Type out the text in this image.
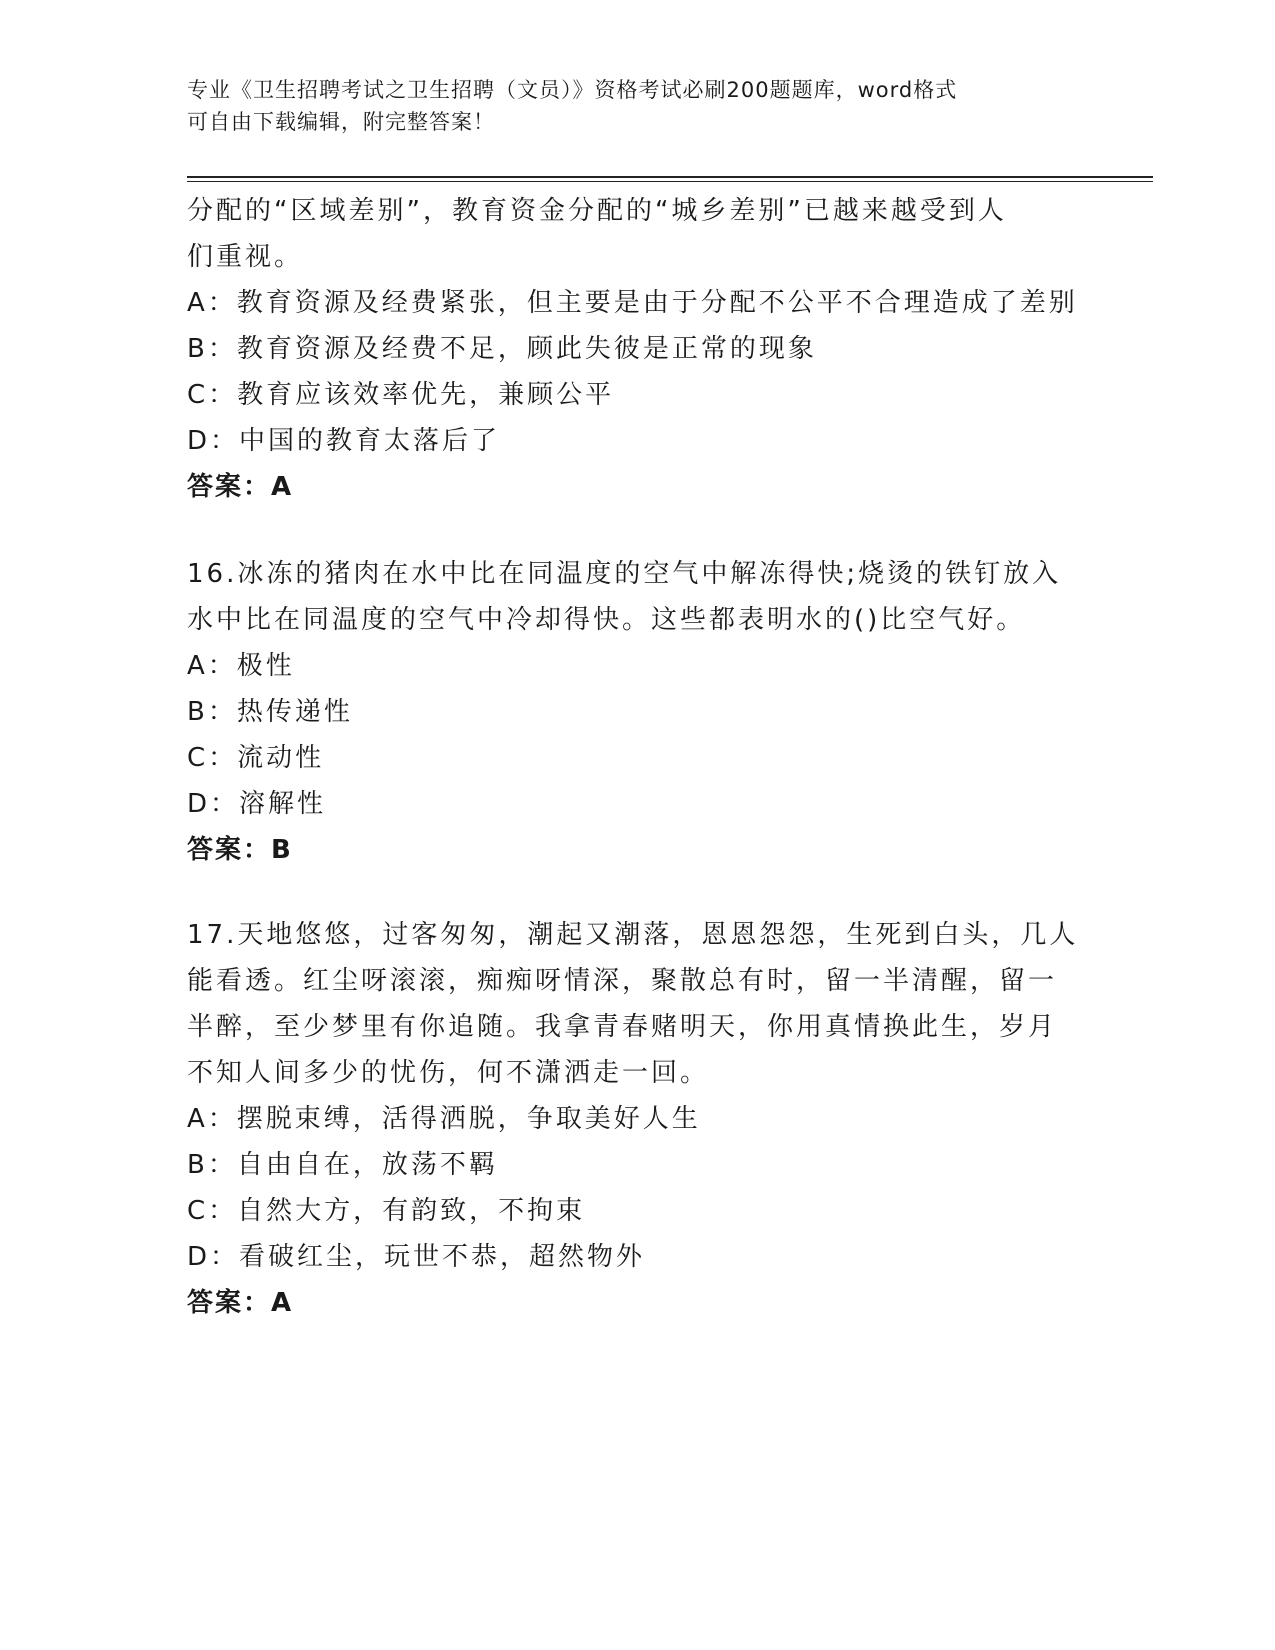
专业《卫生招聘考试之卫生招聘（文员）》资格考试必刷200题题库，word格式
可自由下载编辑，附完整答案！
分配的“区域差别”，教育资金分配的“城乡差别”已越来越受到人
们重视。
A：教育资源及经费紧张，但主要是由于分配不公平不合理造成了差别
B：教育资源及经费不足，顾此失彼是正常的现象
C：教育应该效率优先，兼顾公平
D：中国的教育太落后了
答案：A
16.冰冻的猪肉在水中比在同温度的空气中解冻得快;烧烫的铁钉放入
水中比在同温度的空气中冷却得快。这些都表明水的()比空气好。
A：极性
B：热传递性
C：流动性
D：溶解性
答案：B
17.天地悠悠，过客匆匆，潮起又潮落，恩恩怨怨，生死到白头，几人
能看透。红尘呀滚滚，痴痴呀情深，聚散总有时，留一半清醒，留一
半醉，至少梦里有你追随。我拿青春赌明天，你用真情换此生，岁月
不知人间多少的忧伤，何不潇洒走一回。
A：摆脱束缚，活得洒脱，争取美好人生
B：自由自在，放荡不羁
C：自然大方，有韵致，不拘束
D：看破红尘，玩世不恭，超然物外
答案：A
